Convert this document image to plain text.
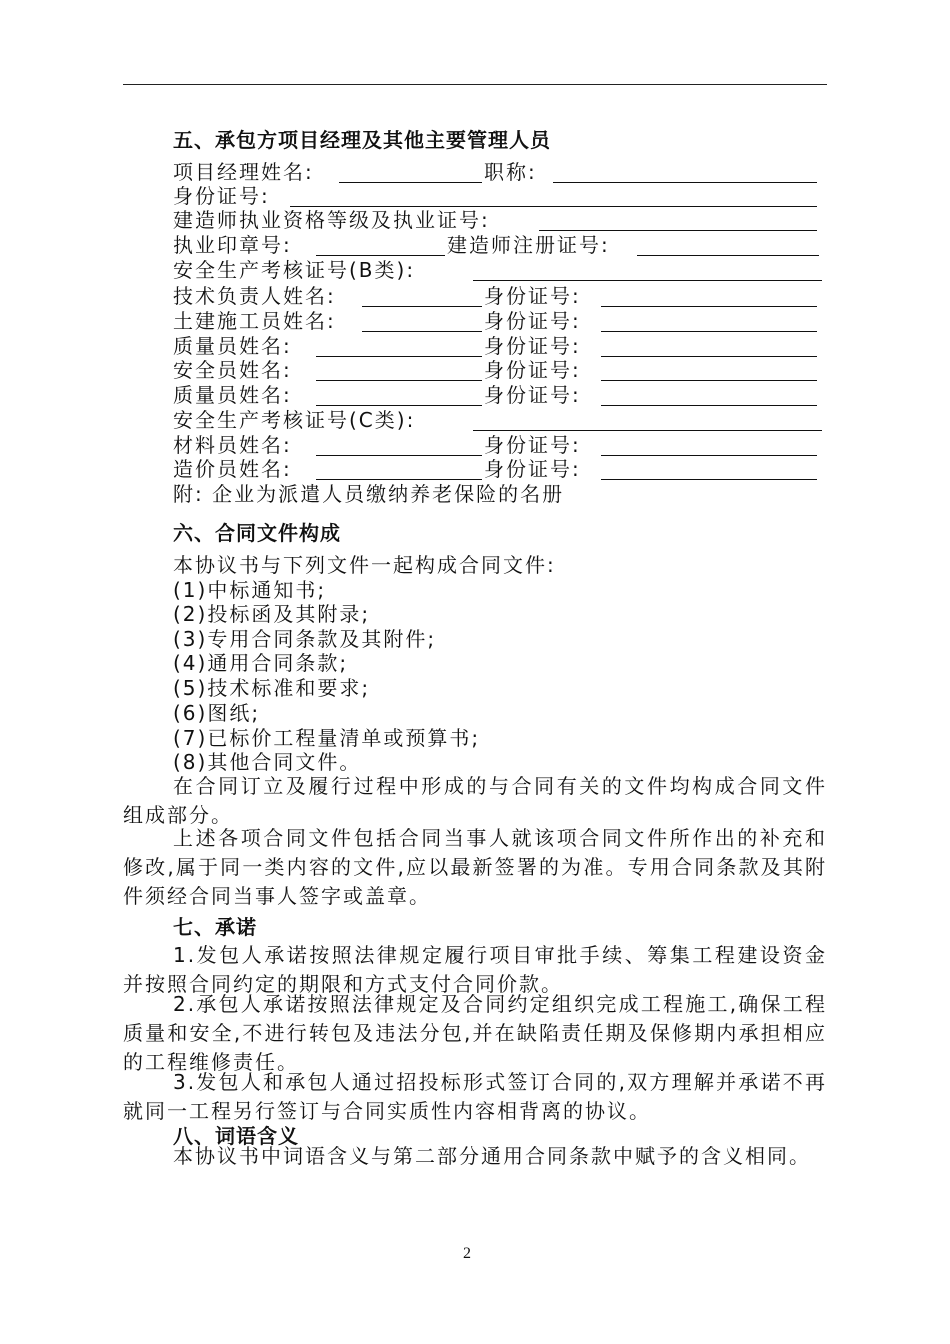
五、承包方项目经理及其他主要管理人员
项目经理姓名:	职称:
身份证号:
建造师执业资格等级及执业证号:
执业印章号:	建造师注册证号:
安全生产考核证号(B类):
技术负责人姓名:	身份证号:
土建施工员姓名:	身份证号:
质量员姓名:	身份证号:
安全员姓名:	身份证号:
质量员姓名:	身份证号:
安全生产考核证号(C类):
材料员姓名:	身份证号:
造价员姓名:	身份证号:
附: 企业为派遣人员缴纳养老保险的名册
六、合同文件构成
本协议书与下列文件一起构成合同文件:
(1)中标通知书;
(2)投标函及其附录;
(3)专用合同条款及其附件;
(4)通用合同条款;
(5)技术标准和要求;
(6)图纸;
(7)已标价工程量清单或预算书;
(8)其他合同文件。
在合同订立及履行过程中形成的与合同有关的文件均构成合同文件组成部分。
上述各项合同文件包括合同当事人就该项合同文件所作出的补充和修改,属于同一类内容的文件,应以最新签署的为准。专用合同条款及其附件须经合同当事人签字或盖章。
七、承诺
1.发包人承诺按照法律规定履行项目审批手续、筹集工程建设资金并按照合同约定的期限和方式支付合同价款。
2.承包人承诺按照法律规定及合同约定组织完成工程施工,确保工程质量和安全,不进行转包及违法分包,并在缺陷责任期及保修期内承担相应的工程维修责任。
3.发包人和承包人通过招投标形式签订合同的,双方理解并承诺不再就同一工程另行签订与合同实质性内容相背离的协议。
八、词语含义
本协议书中词语含义与第二部分通用合同条款中赋予的含义相同。
2
